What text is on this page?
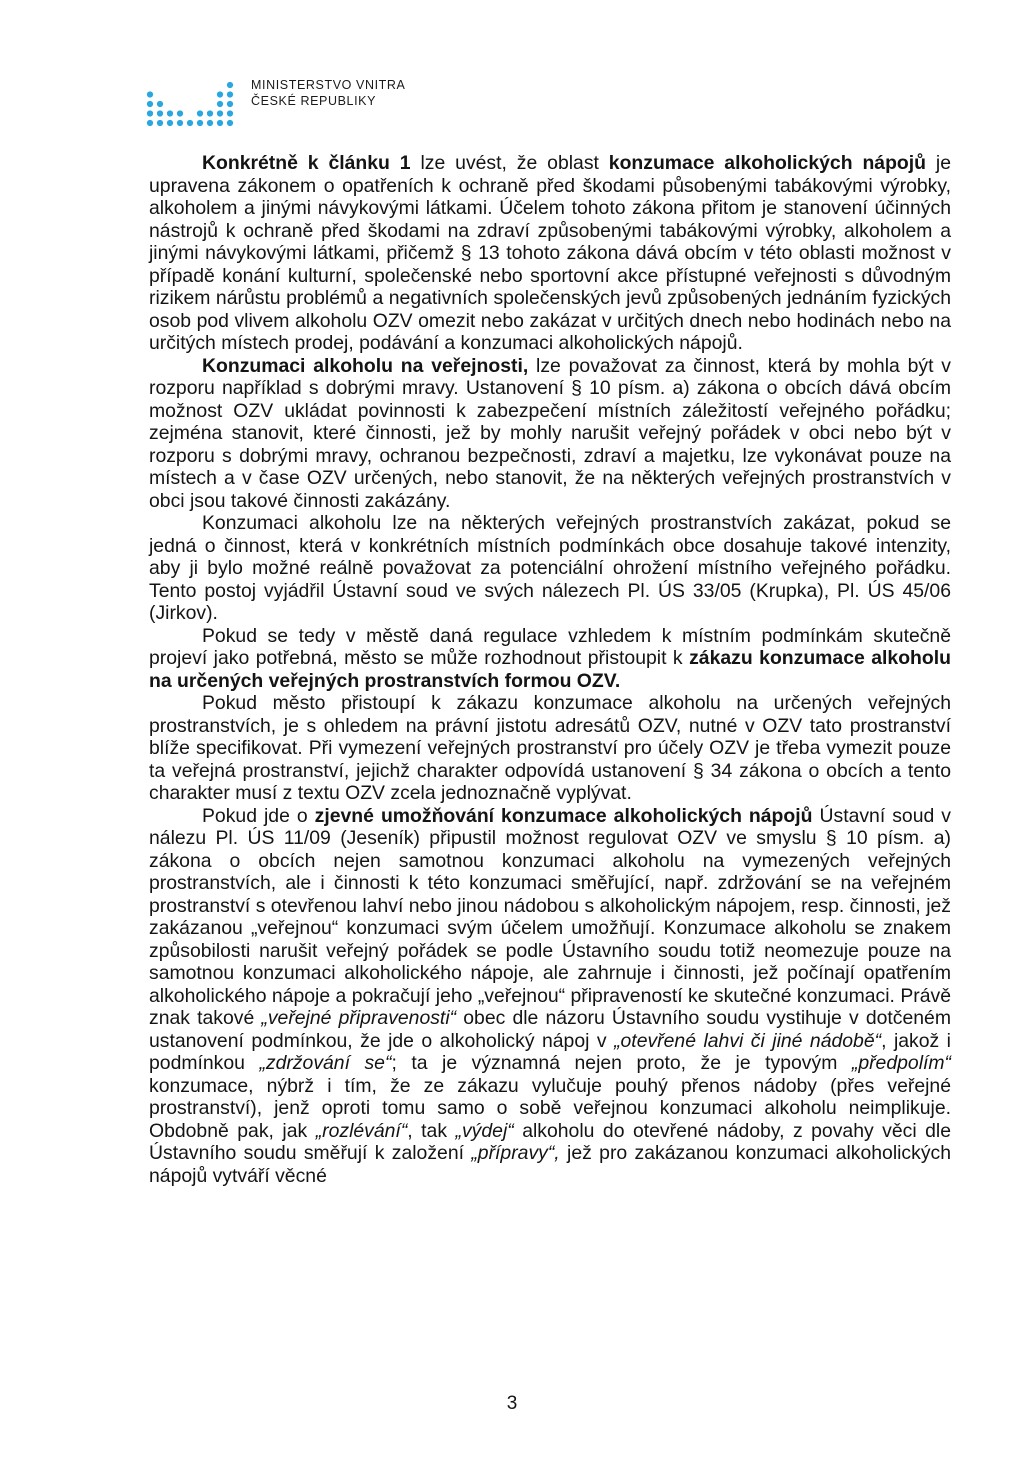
MINISTERSTVO VNITRA
ČESKÉ REPUBLIKY

Konkrétně k článku 1 lze uvést, že oblast konzumace alkoholických nápojů je upravena zákonem o opatřeních k ochraně před škodami působenými tabákovými výrobky, alkoholem a jinými návykovými látkami. Účelem tohoto zákona přitom je stanovení účinných nástrojů k ochraně před škodami na zdraví způsobenými tabákovými výrobky, alkoholem a jinými návykovými látkami, přičemž § 13 tohoto zákona dává obcím v této oblasti možnost v případě konání kulturní, společenské nebo sportovní akce přístupné veřejnosti s důvodným rizikem nárůstu problémů a negativních společenských jevů způsobených jednáním fyzických osob pod vlivem alkoholu OZV omezit nebo zakázat v určitých dnech nebo hodinách nebo na určitých místech prodej, podávání a konzumaci alkoholických nápojů.

Konzumaci alkoholu na veřejnosti, lze považovat za činnost, která by mohla být v rozporu například s dobrými mravy. Ustanovení § 10 písm. a) zákona o obcích dává obcím možnost OZV ukládat povinnosti k zabezpečení místních záležitostí veřejného pořádku; zejména stanovit, které činnosti, jež by mohly narušit veřejný pořádek v obci nebo být v rozporu s dobrými mravy, ochranou bezpečnosti, zdraví a majetku, lze vykonávat pouze na místech a v čase OZV určených, nebo stanovit, že na některých veřejných prostranstvích v obci jsou takové činnosti zakázány.

Konzumaci alkoholu lze na některých veřejných prostranstvích zakázat, pokud se jedná o činnost, která v konkrétních místních podmínkách obce dosahuje takové intenzity, aby ji bylo možné reálně považovat za potenciální ohrožení místního veřejného pořádku. Tento postoj vyjádřil Ústavní soud ve svých nálezech Pl. ÚS 33/05 (Krupka), Pl. ÚS 45/06 (Jirkov).

Pokud se tedy v městě daná regulace vzhledem k místním podmínkám skutečně projeví jako potřebná, město se může rozhodnout přistoupit k zákazu konzumace alkoholu na určených veřejných prostranstvích formou OZV.

Pokud město přistoupí k zákazu konzumace alkoholu na určených veřejných prostranstvích, je s ohledem na právní jistotu adresátů OZV, nutné v OZV tato prostranství blíže specifikovat. Při vymezení veřejných prostranství pro účely OZV je třeba vymezit pouze ta veřejná prostranství, jejichž charakter odpovídá ustanovení § 34 zákona o obcích a tento charakter musí z textu OZV zcela jednoznačně vyplývat.

Pokud jde o zjevné umožňování konzumace alkoholických nápojů Ústavní soud v nálezu Pl. ÚS 11/09 (Jeseník) připustil možnost regulovat OZV ve smyslu § 10 písm. a) zákona o obcích nejen samotnou konzumaci alkoholu na vymezených veřejných prostranstvích, ale i činnosti k této konzumaci směřující, např. zdržování se na veřejném prostranství s otevřenou lahví nebo jinou nádobou s alkoholickým nápojem, resp. činnosti, jež zakázanou „veřejnou“ konzumaci svým účelem umožňují. Konzumace alkoholu se znakem způsobilosti narušit veřejný pořádek se podle Ústavního soudu totiž neomezuje pouze na samotnou konzumaci alkoholického nápoje, ale zahrnuje i činnosti, jež počínají opatřením alkoholického nápoje a pokračují jeho „veřejnou“ připraveností ke skutečné konzumaci. Právě znak takové „veřejné připravenosti“ obec dle názoru Ústavního soudu vystihuje v dotčeném ustanovení podmínkou, že jde o alkoholický nápoj v „otevřené lahvi či jiné nádobě“, jakož i podmínkou „zdržování se“; ta je významná nejen proto, že je typovým „předpolím“ konzumace, nýbrž i tím, že ze zákazu vylučuje pouhý přenos nádoby (přes veřejné prostranství), jenž oproti tomu samo o sobě veřejnou konzumaci alkoholu neimplikuje. Obdobně pak, jak „rozlévání“, tak „výdej“ alkoholu do otevřené nádoby, z povahy věci dle Ústavního soudu směřují k založení „přípravy“, jež pro zakázanou konzumaci alkoholických nápojů vytváří věcné

3
